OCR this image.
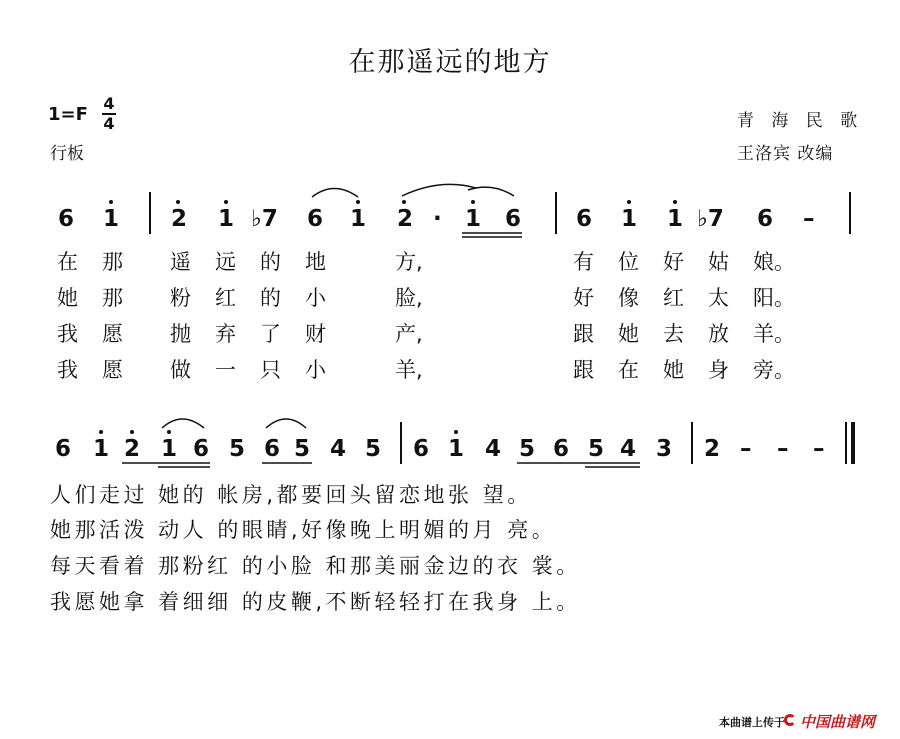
在那遥远的地方
1=F
4
4
行板
青 海 民 歌
王洛宾 改编
6 1 2 1 ♭7 6 1 2 · 1 6 6 1 1 ♭7 6 –
在 那 遥 远 的 地	方,	有 位 好 姑 娘。
她 那 粉 红 的 小	脸,	好 像 红 太 阳。
我 愿 抛 弃 了 财	产,	跟 她 去 放 羊。
我 愿 做 一 只 小	羊,	跟 在 她 身 旁。
6 1 2 1 6 5 6 5 4 5 6 1 4 5 6 5 4 3 2 – – –
人们走过 她的 帐房,都要回头留恋地张 望。
她那活泼 动人 的眼睛,好像晚上明媚的月 亮。
每天看着 那粉红 的小脸 和那美丽金边的衣 裳。
我愿她拿 着细细 的皮鞭,不断轻轻打在我身 上。
本曲谱上传于 中国曲谱网
